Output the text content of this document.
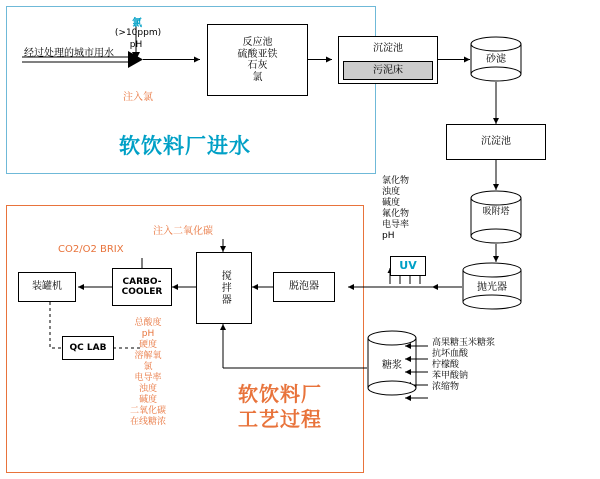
经过处理的城市用水
氯
(>10ppm)
pH
注入氯
反应池
硫酸亚铁
石灰
氯
沉淀池
污泥床
砂滤
沉淀池
吸附塔
氯化物
浊度
碱度
氟化物
电导率
pH
抛光器
UV
软饮料厂进水
注入二氧化碳
CO2/O2 BRIX
装罐机	CARBO-
COOLER	搅拌器	脱泡器
QC LAB
总酸度
pH
硬度
溶解氧
氯
电导率
浊度
碱度
二氧化碳
在线糖浓
糖浆
高果糖玉米糖浆
抗坏血酸
柠檬酸
苯甲酸钠
浓缩物
软饮料厂
工艺过程
